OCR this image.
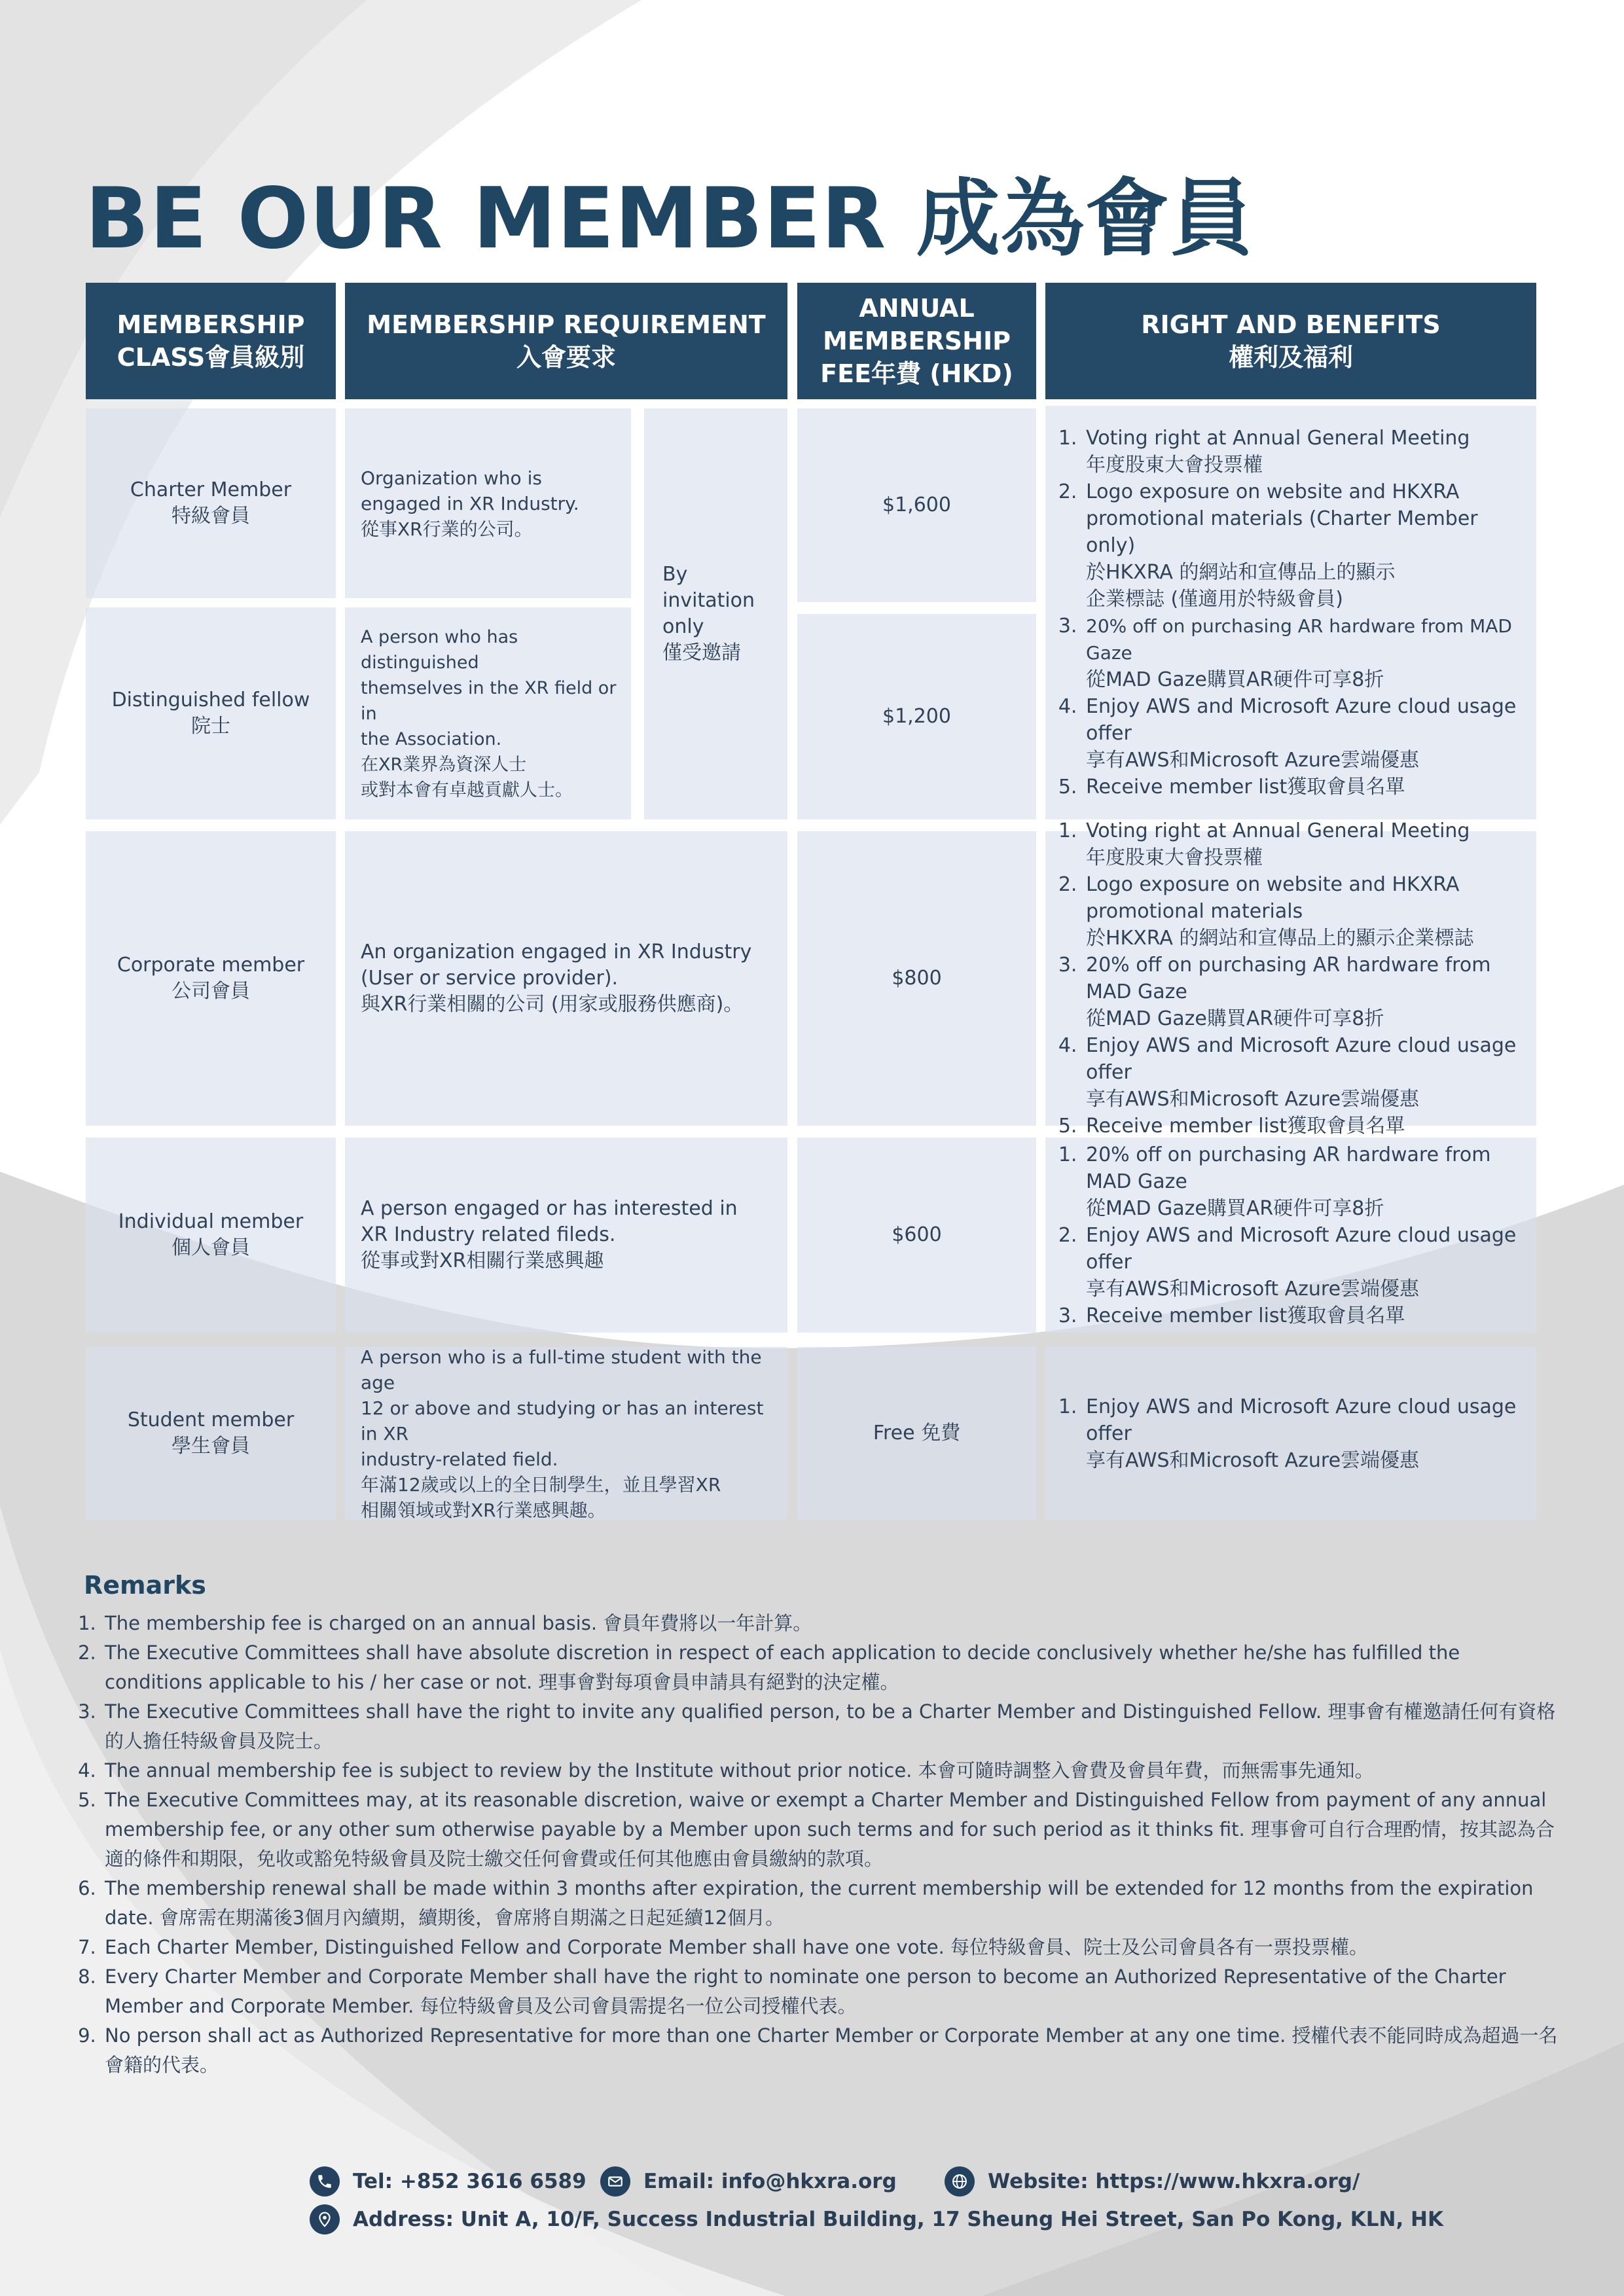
BE OUR MEMBER 成為會員
MEMBERSHIP
CLASS會員級別
MEMBERSHIP REQUIREMENT
入會要求
ANNUAL
MEMBERSHIP
FEE年費 (HKD)
RIGHT AND BENEFITS
權利及福利
Charter Member
特級會員
Organization who is
engaged in XR Industry.
從事XR行業的公司。
By invitation
only
僅受邀請
$1,600
1. Voting right at Annual General Meeting
年度股東大會投票權
2. Logo exposure on website and HKXRA
promotional materials (Charter Member only)
於HKXRA 的網站和宣傳品上的顯示
企業標誌 (僅適用於特級會員)
3. 20% off on purchasing AR hardware from MAD Gaze
從MAD Gaze購買AR硬件可享8折
4. Enjoy AWS and Microsoft Azure cloud usage offer
享有AWS和Microsoft Azure雲端優惠
5. Receive member list獲取會員名單
Distinguished fellow
院士
A person who has distinguished
themselves in the XR field or in
the Association.
在XR業界為資深人士
或對本會有卓越貢獻人士。
$1,200
Corporate member
公司會員
An organization engaged in XR Industry
(User or service provider).
與XR行業相關的公司 (用家或服務供應商)。
$800
1. Voting right at Annual General Meeting
年度股東大會投票權
2. Logo exposure on website and HKXRA
promotional materials
於HKXRA 的網站和宣傳品上的顯示企業標誌
3. 20% off on purchasing AR hardware from MAD Gaze
從MAD Gaze購買AR硬件可享8折
4. Enjoy AWS and Microsoft Azure cloud usage offer
享有AWS和Microsoft Azure雲端優惠
5. Receive member list獲取會員名單
Individual member
個人會員
A person engaged or has interested in
XR Industry related fileds.
從事或對XR相關行業感興趣
$600
1. 20% off on purchasing AR hardware from MAD Gaze
從MAD Gaze購買AR硬件可享8折
2. Enjoy AWS and Microsoft Azure cloud usage offer
享有AWS和Microsoft Azure雲端優惠
3. Receive member list獲取會員名單
Student member
學生會員
A person who is a full-time student with the age
12 or above and studying or has an interest in XR
industry-related field.
年滿12歲或以上的全日制學生，並且學習XR
相關領域或對XR行業感興趣。
Free 免費
1. Enjoy AWS and Microsoft Azure cloud usage offer
享有AWS和Microsoft Azure雲端優惠
Remarks
1. The membership fee is charged on an annual basis. 會員年費將以一年計算。
2. The Executive Committees shall have absolute discretion in respect of each application to decide conclusively whether he/she has fulfilled the conditions applicable to his / her case or not. 理事會對每項會員申請具有絕對的決定權。
3. The Executive Committees shall have the right to invite any qualified person, to be a Charter Member and Distinguished Fellow. 理事會有權邀請任何有資格的人擔任特級會員及院士。
4. The annual membership fee is subject to review by the Institute without prior notice. 本會可隨時調整入會費及會員年費，而無需事先通知。
5. The Executive Committees may, at its reasonable discretion, waive or exempt a Charter Member and Distinguished Fellow from payment of any annual membership fee, or any other sum otherwise payable by a Member upon such terms and for such period as it thinks fit. 理事會可自行合理酌情，按其認為合適的條件和期限，免收或豁免特級會員及院士繳交任何會費或任何其他應由會員繳納的款項。
6. The membership renewal shall be made within 3 months after expiration, the current membership will be extended for 12 months from the expiration date. 會席需在期滿後3個月內續期，續期後，會席將自期滿之日起延續12個月。
7. Each Charter Member, Distinguished Fellow and Corporate Member shall have one vote. 每位特級會員、院士及公司會員各有一票投票權。
8. Every Charter Member and Corporate Member shall have the right to nominate one person to become an Authorized Representative of the Charter Member and Corporate Member. 每位特級會員及公司會員需提名一位公司授權代表。
9. No person shall act as Authorized Representative for more than one Charter Member or Corporate Member at any one time. 授權代表不能同時成為超過一名會籍的代表。
Tel: +852 3616 6589	Email: info@hkxra.org	Website: https://www.hkxra.org/
Address: Unit A, 10/F, Success Industrial Building, 17 Sheung Hei Street, San Po Kong, KLN, HK
